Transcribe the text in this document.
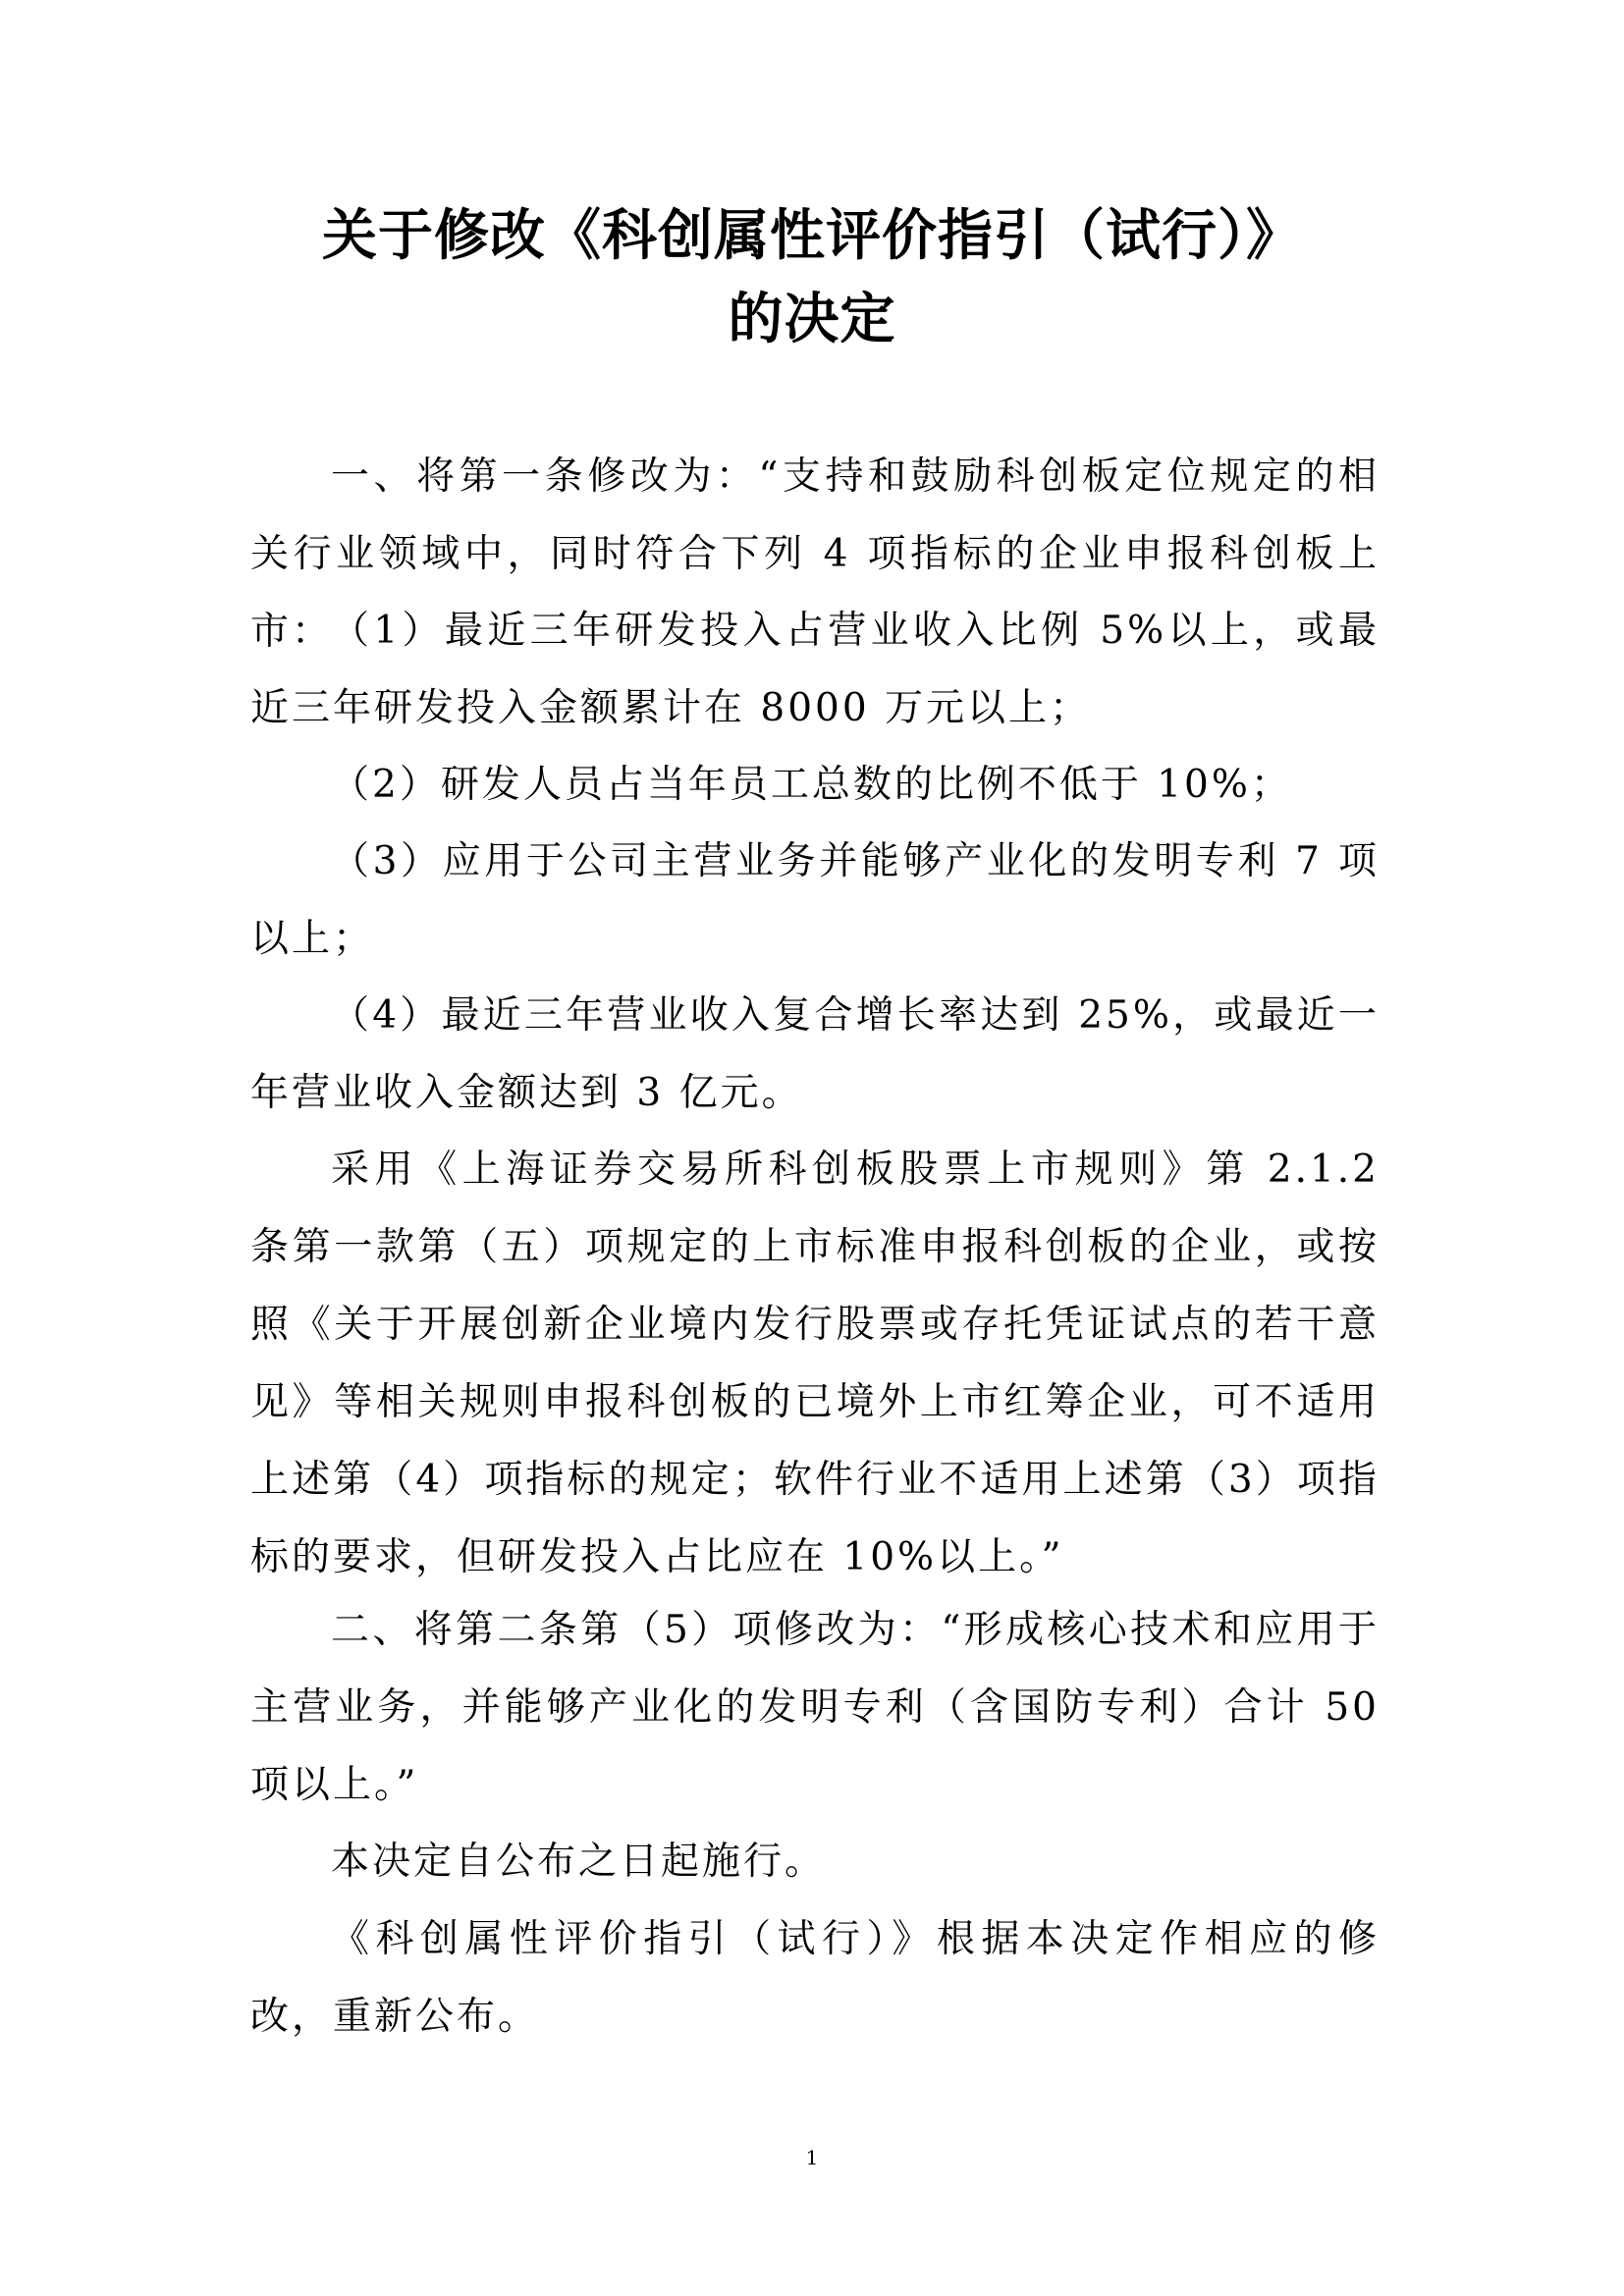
关于修改《科创属性评价指引（试行）》
的决定

一、将第一条修改为：“支持和鼓励科创板定位规定的相关行业领域中，同时符合下列 4 项指标的企业申报科创板上市：

（1）最近三年研发投入占营业收入比例 5%以上，或最近三年研发投入金额累计在 8000 万元以上；

（2）研发人员占当年员工总数的比例不低于 10%；

（3）应用于公司主营业务并能够产业化的发明专利 7 项以上；

（4）最近三年营业收入复合增长率达到 25%，或最近一年营业收入金额达到 3 亿元。

采用《上海证券交易所科创板股票上市规则》第 2.1.2 条第一款第（五）项规定的上市标准申报科创板的企业，或按照《关于开展创新企业境内发行股票或存托凭证试点的若干意见》等相关规则申报科创板的已境外上市红筹企业，可不适用上述第（4）项指标的规定；软件行业不适用上述第（3）项指标的要求，但研发投入占比应在 10%以上。”

二、将第二条第（5）项修改为：“形成核心技术和应用于主营业务，并能够产业化的发明专利（含国防专利）合计 50 项以上。”

本决定自公布之日起施行。

《科创属性评价指引（试行）》根据本决定作相应的修改，重新公布。

1
